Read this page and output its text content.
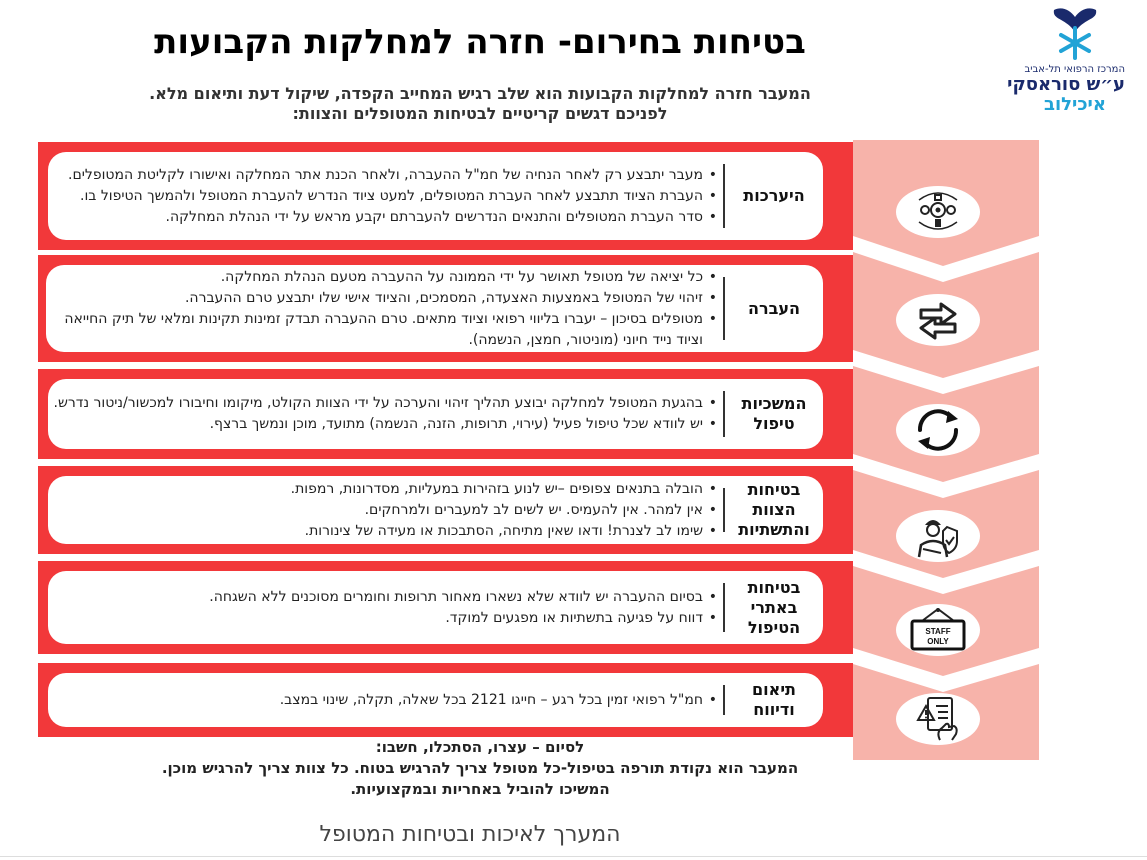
המרכז הרפואי תל-אביב
ע״ש סוראסקי
איכילוב
בטיחות בחירום- חזרה למחלקות הקבועות
המעבר חזרה למחלקות הקבועות הוא שלב רגיש המחייב הקפדה, שיקול דעת ותיאום מלא.
לפניכם דגשים קריטיים לבטיחות המטופלים והצוות:
היערכות
• מעבר יתבצע רק לאחר הנחיה של חמ"ל ההעברה, ולאחר הכנת אתר המחלקה ואישורו לקליטת המטופלים.
• העברת הציוד תתבצע לאחר העברת המטופלים, למעט ציוד הנדרש להעברת המטופל ולהמשך הטיפול בו.
• סדר העברת המטופלים והתנאים הנדרשים להעברתם יקבע מראש על ידי הנהלת המחלקה.
העברה
• כל יציאה של מטופל תאושר על ידי הממונה על ההעברה מטעם הנהלת המחלקה.
• זיהוי של המטופל באמצעות האצעדה, המסמכים, והציוד אישי שלו יתבצע טרם ההעברה.
• מטופלים בסיכון – יעברו בליווי רפואי וציוד מתאים. טרם ההעברה תבדק זמינות תקינות ומלאי של תיק החייאה וציוד נייד חיוני (מוניטור, חמצן, הנשמה).
המשכיות טיפול
• בהגעת המטופל למחלקה יבוצע תהליך זיהוי והערכה על ידי הצוות הקולט, מיקומו וחיבורו למכשור/ניטור נדרש.
• יש לוודא שכל טיפול פעיל (עירוי, תרופות, הזנה, הנשמה) מתועד, מוכן ונמשך ברצף.
בטיחות הצוות והתשתיות
• הובלה בתנאים צפופים –יש לנוע בזהירות במעליות, מסדרונות, רמפות.
• אין למהר. אין להעמיס. יש לשים לב למעברים ולמרחקים.
• שימו לב לצנרת! ודאו שאין מתיחה, הסתבכות או מעידה של צינורות.
בטיחות באתרי הטיפול
• בסיום ההעברה יש לוודא שלא נשארו מאחור תרופות וחומרים מסוכנים ללא השגחה.
• דווח על פגיעה בתשתיות או מפגעים למוקד.
תיאום ודיווח
• חמ"ל רפואי זמין בכל רגע – חייגו 2121 בכל שאלה, תקלה, שינוי במצב.
STAFF
ONLY
לסיום – עצרו, הסתכלו, חשבו:
המעבר הוא נקודת תורפה בטיפול-כל מטופל צריך להרגיש בטוח. כל צוות צריך להרגיש מוכן.
המשיכו להוביל באחריות ובמקצועיות.
המערך לאיכות ובטיחות המטופל
